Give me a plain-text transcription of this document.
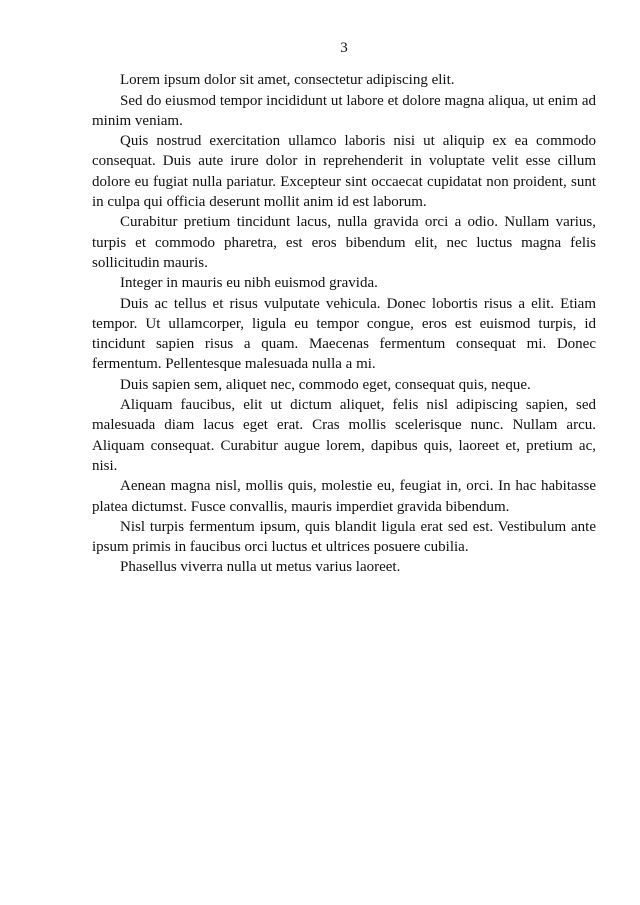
3

Lorem ipsum dolor sit amet, consectetur adipiscing elit.

Sed do eiusmod tempor incididunt ut labore et dolore magna aliqua, ut enim ad minim veniam.

Quis nostrud exercitation ullamco laboris nisi ut aliquip ex ea commodo consequat. Duis aute irure dolor in reprehenderit in voluptate velit esse cillum dolore eu fugiat nulla pariatur. Excepteur sint occaecat cupidatat non proident, sunt in culpa qui officia deserunt mollit anim id est laborum.

Curabitur pretium tincidunt lacus, nulla gravida orci a odio. Nullam varius, turpis et commodo pharetra, est eros bibendum elit, nec luctus magna felis sollicitudin mauris.

Integer in mauris eu nibh euismod gravida.

Duis ac tellus et risus vulputate vehicula. Donec lobortis risus a elit. Etiam tempor. Ut ullamcorper, ligula eu tempor congue, eros est euismod turpis, id tincidunt sapien risus a quam. Maecenas fermentum consequat mi. Donec fermentum. Pellentesque malesuada nulla a mi.

Duis sapien sem, aliquet nec, commodo eget, consequat quis, neque.

Aliquam faucibus, elit ut dictum aliquet, felis nisl adipiscing sapien, sed malesuada diam lacus eget erat. Cras mollis scelerisque nunc. Nullam arcu. Aliquam consequat. Curabitur augue lorem, dapibus quis, laoreet et, pretium ac, nisi.

Aenean magna nisl, mollis quis, molestie eu, feugiat in, orci. In hac habitasse platea dictumst. Fusce convallis, mauris imperdiet gravida bibendum.

Nisl turpis fermentum ipsum, quis blandit ligula erat sed est. Vestibulum ante ipsum primis in faucibus orci luctus et ultrices posuere cubilia.

Phasellus viverra nulla ut metus varius laoreet.
